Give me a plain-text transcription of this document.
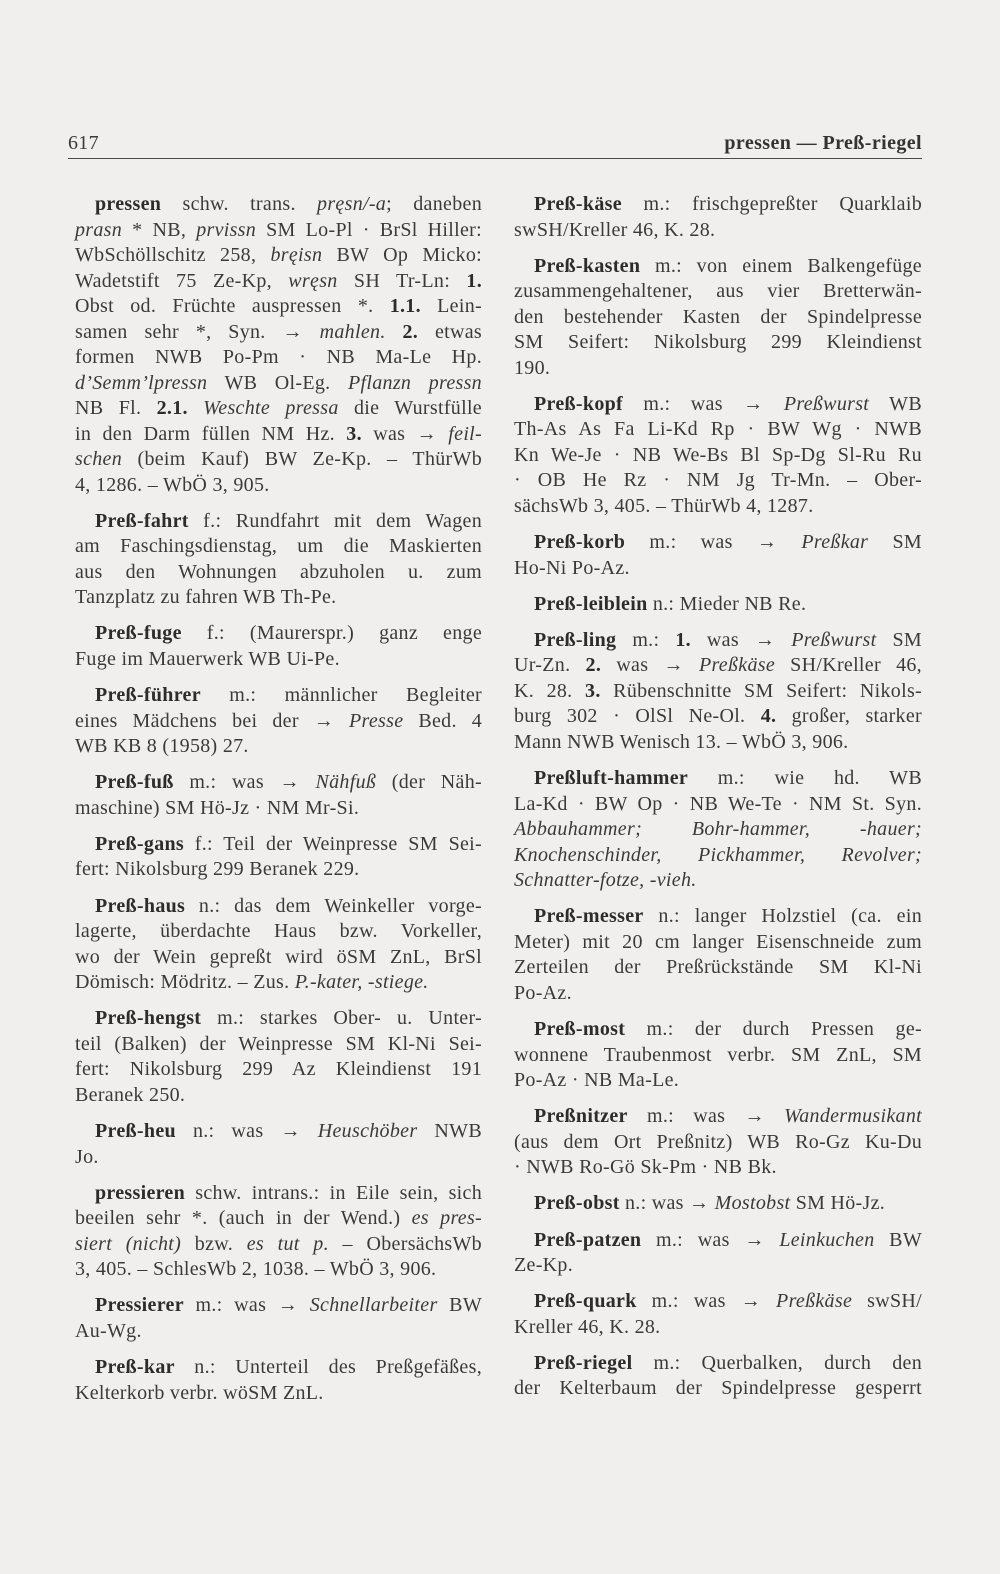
617	pressen — Preß-riegel
pressen schw. trans. pręsn/-a; daneben
prasn * NB, prvissn SM Lo-Pl · BrSl Hiller:
WbSchöllschitz 258, bręisn BW Op Micko:
Wadetstift 75 Ze-Kp, wręsn SH Tr-Ln: 1.
Obst od. Früchte auspressen *. 1.1. Lein-
samen sehr *, Syn. → mahlen. 2. etwas
formen NWB Po-Pm · NB Ma-Le Hp.
d’Semm’lpressn WB Ol-Eg. Pflanzn pressn
NB Fl. 2.1. Weschte pressa die Wurstfülle
in den Darm füllen NM Hz. 3. was → feil-
schen (beim Kauf) BW Ze-Kp. – ThürWb
4, 1286. – WbÖ 3, 905.
Preß-fahrt f.: Rundfahrt mit dem Wagen
am Faschingsdienstag, um die Maskierten
aus den Wohnungen abzuholen u. zum
Tanzplatz zu fahren WB Th-Pe.
Preß-fuge f.: (Maurerspr.) ganz enge
Fuge im Mauerwerk WB Ui-Pe.
Preß-führer m.: männlicher Begleiter
eines Mädchens bei der → Presse Bed. 4
WB KB 8 (1958) 27.
Preß-fuß m.: was → Nähfuß (der Näh-
maschine) SM Hö-Jz · NM Mr-Si.
Preß-gans f.: Teil der Weinpresse SM Sei-
fert: Nikolsburg 299 Beranek 229.
Preß-haus n.: das dem Weinkeller vorge-
lagerte, überdachte Haus bzw. Vorkeller,
wo der Wein gepreßt wird öSM ZnL, BrSl
Dömisch: Mödritz. – Zus. P.-kater, -stiege.
Preß-hengst m.: starkes Ober- u. Unter-
teil (Balken) der Weinpresse SM Kl-Ni Sei-
fert: Nikolsburg 299 Az Kleindienst 191
Beranek 250.
Preß-heu n.: was → Heuschöber NWB
Jo.
pressieren schw. intrans.: in Eile sein, sich
beeilen sehr *. (auch in der Wend.) es pres-
siert (nicht) bzw. es tut p. – ObersächsWb
3, 405. – SchlesWb 2, 1038. – WbÖ 3, 906.
Pressierer m.: was → Schnellarbeiter BW
Au-Wg.
Preß-kar n.: Unterteil des Preßgefäßes,
Kelterkorb verbr. wöSM ZnL.
Preß-käse m.: frischgepreßter Quarklaib
swSH/Kreller 46, K. 28.
Preß-kasten m.: von einem Balkengefüge
zusammengehaltener, aus vier Bretterwän-
den bestehender Kasten der Spindelpresse
SM Seifert: Nikolsburg 299 Kleindienst
190.
Preß-kopf m.: was → Preßwurst WB
Th-As As Fa Li-Kd Rp · BW Wg · NWB
Kn We-Je · NB We-Bs Bl Sp-Dg Sl-Ru Ru
· OB He Rz · NM Jg Tr-Mn. – Ober-
sächsWb 3, 405. – ThürWb 4, 1287.
Preß-korb m.: was → Preßkar SM
Ho-Ni Po-Az.
Preß-leiblein n.: Mieder NB Re.
Preß-ling m.: 1. was → Preßwurst SM
Ur-Zn. 2. was → Preßkäse SH/Kreller 46,
K. 28. 3. Rübenschnitte SM Seifert: Nikols-
burg 302 · OlSl Ne-Ol. 4. großer, starker
Mann NWB Wenisch 13. – WbÖ 3, 906.
Preßluft-hammer m.: wie hd. WB
La-Kd · BW Op · NB We-Te · NM St. Syn.
Abbauhammer; Bohr-hammer, -hauer;
Knochenschinder, Pickhammer, Revolver;
Schnatter-fotze, -vieh.
Preß-messer n.: langer Holzstiel (ca. ein
Meter) mit 20 cm langer Eisenschneide zum
Zerteilen der Preßrückstände SM Kl-Ni
Po-Az.
Preß-most m.: der durch Pressen ge-
wonnene Traubenmost verbr. SM ZnL, SM
Po-Az · NB Ma-Le.
Preßnitzer m.: was → Wandermusikant
(aus dem Ort Preßnitz) WB Ro-Gz Ku-Du
· NWB Ro-Gö Sk-Pm · NB Bk.
Preß-obst n.: was → Mostobst SM Hö-Jz.
Preß-patzen m.: was → Leinkuchen BW
Ze-Kp.
Preß-quark m.: was → Preßkäse swSH/
Kreller 46, K. 28.
Preß-riegel m.: Querbalken, durch den
der Kelterbaum der Spindelpresse gesperrt
